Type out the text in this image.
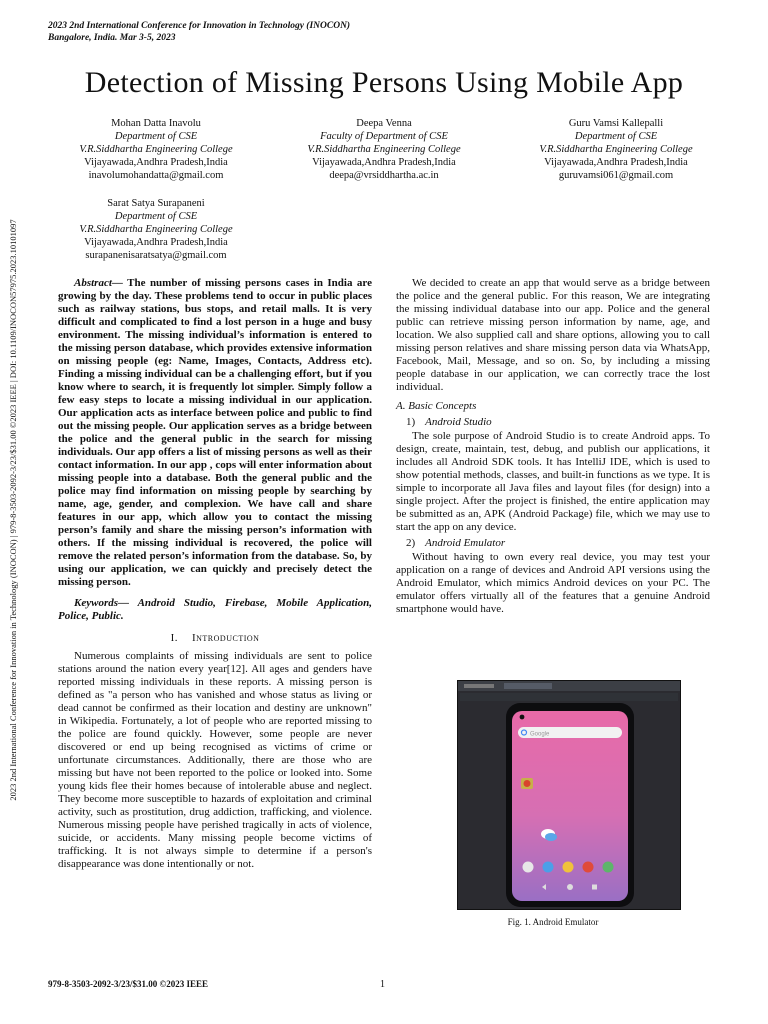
2023 2nd International Conference for Innovation in Technology (INOCON)
Bangalore, India. Mar 3-5, 2023
Detection of Missing Persons Using Mobile App
Mohan Datta Inavolu
Department of CSE
V.R.Siddhartha Engineering College
Vijayawada,Andhra Pradesh,India
inavolumohandatta@gmail.com
Deepa Venna
Faculty of Department of CSE
V.R.Siddhartha Engineering College
Vijayawada,Andhra Pradesh,India
deepa@vrsiddhartha.ac.in
Guru Vamsi Kallepalli
Department of CSE
V.R.Siddhartha Engineering College
Vijayawada,Andhra Pradesh,India
guruvamsi061@gmail.com
Sarat Satya Surapaneni
Department of CSE
V.R.Siddhartha Engineering College
Vijayawada,Andhra Pradesh,India
surapanenisaratsatya@gmail.com
2023 2nd International Conference for Innovation in Technology (INOCON) | 979-8-3503-2092-3/23/$31.00 ©2023 IEEE | DOI: 10.1109/INOCON57975.2023.10101097	Abstract— The number of missing persons cases in India are growing by the day. These problems tend to occur in public places such as railway stations, bus stops, and retail malls. It is very difficult and complicated to find a lost person in a huge and busy environment. The missing individual’s information is entered to the missing person database, which provides extensive information on missing people (eg: Name, Images, Contacts, Address etc). Finding a missing individual can be a challenging effort, but if you know where to search, it is frequently lot simpler. Simply follow a few easy steps to locate a missing individual in our application. Our application acts as interface between police and public to find out the missing people. Our application serves as a bridge between the police and the general public in the search for missing individuals. Our app offers a list of missing persons as well as their contact information. In our app , cops will enter information about missing people into a database. Both the general public and the police may find information on missing people by searching by name, age, gender, and complexion. We have call and share features in our app, which allow you to contact the missing person’s family and share the missing person’s information with others. If the missing individual is recovered, the police will remove the related person’s information from the database. So, by using our application, we can quickly and precisely detect the missing person.

Keywords— Android Studio, Firebase, Mobile Application, Police, Public.

I. Introduction

Numerous complaints of missing individuals are sent to police stations around the nation every year[12]. All ages and genders have reported missing individuals in these reports. A missing person is defined as "a person who has vanished and whose status as living or dead cannot be confirmed as their location and destiny are unknown" in Wikipedia. Fortunately, a lot of people who are reported missing to the police are found quickly. However, some people are never discovered or end up being recognised as victims of crime or unfortunate circumstances. Additionally, there are those who are missing but have not been reported to the police or looked into. Some young kids flee their homes because of intolerable abuse and neglect. They become more susceptible to hazards of exploitation and criminal activity, such as prostitution, drug addiction, trafficking, and violence. Numerous missing people have perished tragically in acts of violence, suicide, or accidents. Many missing people become victims of trafficking. It is not always simple to determine if a person's disappearance was done intentionally or not.

We decided to create an app that would serve as a bridge between the police and the general public. For this reason, We are integrating the missing individual database into our app. Police and the general public can retrieve missing person information by name, age, and location. We also supplied call and share options, allowing you to call missing person relatives and share missing person data via WhatsApp, Facebook, Mail, Message, and so on. So, by including a missing people database in our application, we can correctly trace the lost individual.

A. Basic Concepts
1) Android Studio

The sole purpose of Android Studio is to create Android apps. To design, create, maintain, test, debug, and publish our applications, it includes all Android SDK tools. It has IntelliJ IDE, which is used to show potential methods, classes, and built-in functions as we type. It is simple to incorporate all Java files and layout files (for design) into a single project. After the project is finished, the entire application may be submitted as an, APK (Android Package) file, which we may use to start the app on any device.

2) Android Emulator

Without having to own every real device, you may test your application on a range of devices and Android API versions using the Android Emulator, which mimics Android devices on your PC. The emulator offers virtually all of the features that a genuine Android smartphone would have.

Google
Fig. 1. Android Emulator
979-8-3503-2092-3/23/$31.00 ©2023 IEEE	1
